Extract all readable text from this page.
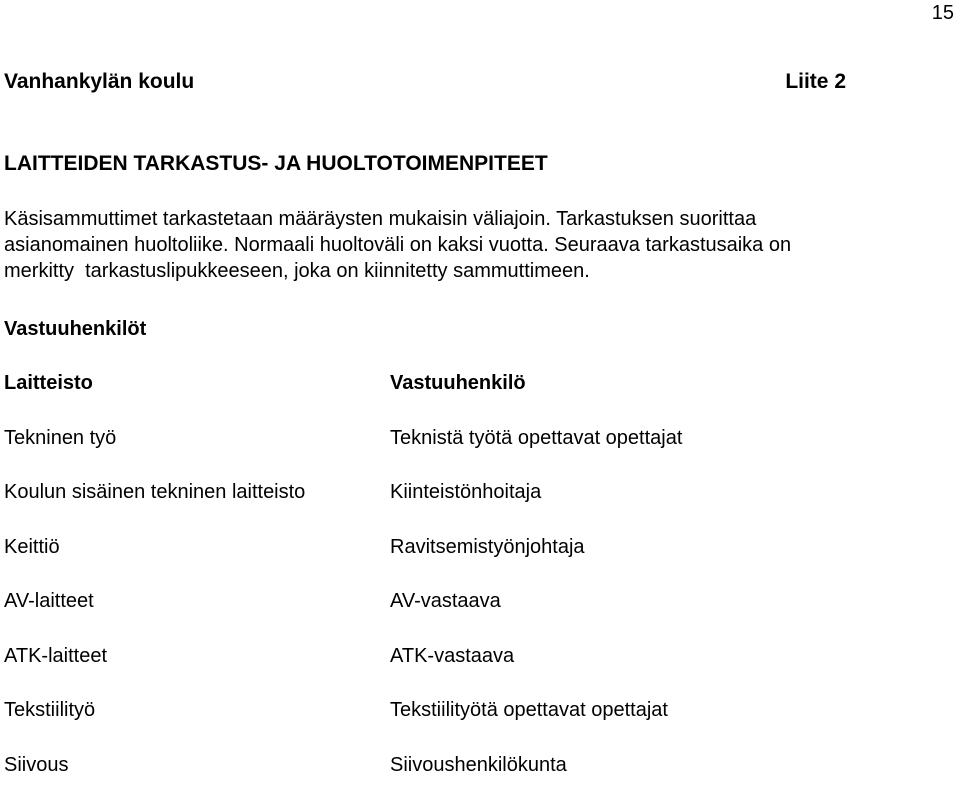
15
Vanhankylän koulu	Liite 2
LAITTEIDEN TARKASTUS- JA HUOLTOTOIMENPITEET
Käsisammuttimet tarkastetaan määräysten mukaisin väliajoin. Tarkastuksen suorittaa
asianomainen huoltoliike. Normaali huoltoväli on kaksi vuotta. Seuraava tarkastusaika on
merkitty  tarkastuslipukkeeseen, joka on kiinnitetty sammuttimeen.
Vastuuhenkilöt
Laitteisto	Vastuuhenkilö
Tekninen työ	Teknistä työtä opettavat opettajat
Koulun sisäinen tekninen laitteisto	Kiinteistönhoitaja
Keittiö	Ravitsemistyönjohtaja
AV-laitteet	AV-vastaava
ATK-laitteet	ATK-vastaava
Tekstiilityö	Tekstiilityötä opettavat opettajat
Siivous	Siivoushenkilökunta
